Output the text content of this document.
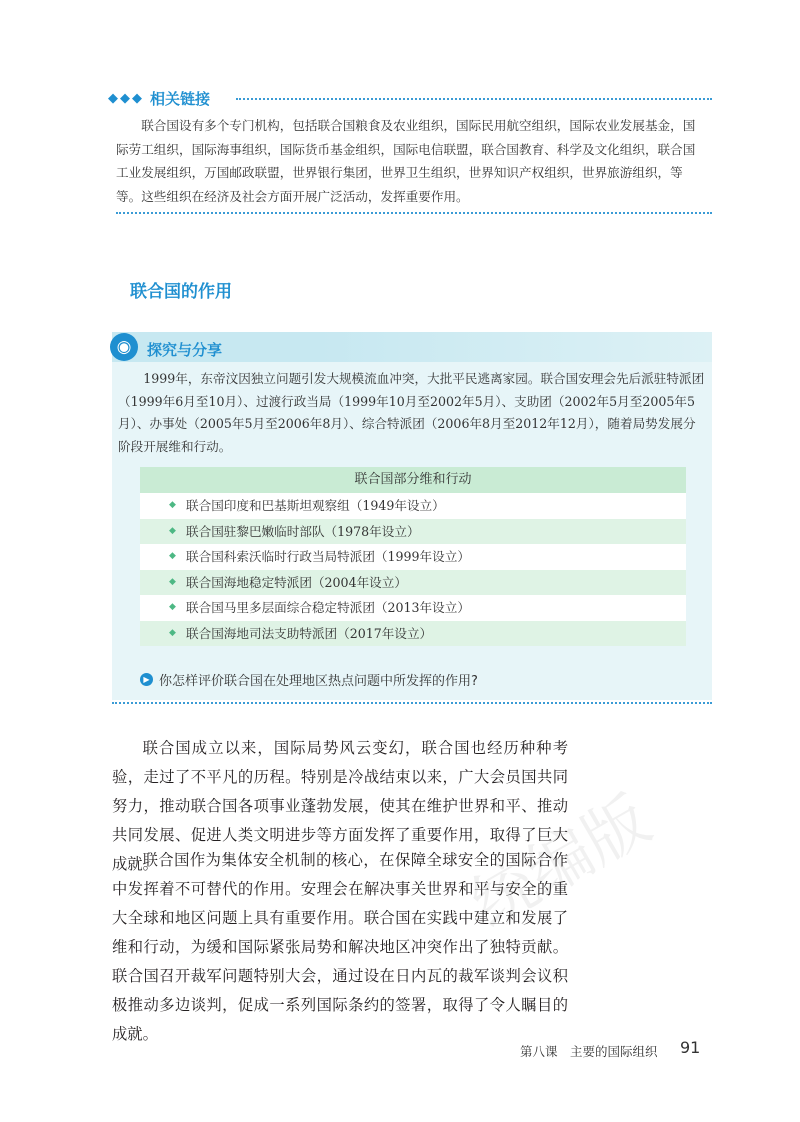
◆◆◆ 相关链接
联合国设有多个专门机构，包括联合国粮食及农业组织，国际民用航空组织，国际农业发展基金，国际劳工组织，国际海事组织，国际货币基金组织，国际电信联盟，联合国教育、科学及文化组织，联合国工业发展组织，万国邮政联盟，世界银行集团，世界卫生组织，世界知识产权组织，世界旅游组织，等等。这些组织在经济及社会方面开展广泛活动，发挥重要作用。
联合国的作用
◉	探究与分享
1999年，东帝汶因独立问题引发大规模流血冲突，大批平民逃离家园。联合国安理会先后派驻特派团（1999年6月至10月）、过渡行政当局（1999年10月至2002年5月）、支助团（2002年5月至2005年5月）、办事处（2005年5月至2006年8月）、综合特派团（2006年8月至2012年12月），随着局势发展分阶段开展维和行动。
联合国部分维和行动
◆ 联合国印度和巴基斯坦观察组（1949年设立）
◆ 联合国驻黎巴嫩临时部队（1978年设立）
◆ 联合国科索沃临时行政当局特派团（1999年设立）
◆ 联合国海地稳定特派团（2004年设立）
◆ 联合国马里多层面综合稳定特派团（2013年设立）
◆ 联合国海地司法支助特派团（2017年设立）
▶ 你怎样评价联合国在处理地区热点问题中所发挥的作用?
统编版
联合国成立以来，国际局势风云变幻，联合国也经历种种考验，走过了不平凡的历程。特别是冷战结束以来，广大会员国共同努力，推动联合国各项事业蓬勃发展，使其在维护世界和平、推动共同发展、促进人类文明进步等方面发挥了重要作用，取得了巨大成就。
联合国作为集体安全机制的核心，在保障全球安全的国际合作中发挥着不可替代的作用。安理会在解决事关世界和平与安全的重大全球和地区问题上具有重要作用。联合国在实践中建立和发展了维和行动，为缓和国际紧张局势和解决地区冲突作出了独特贡献。联合国召开裁军问题特别大会，通过设在日内瓦的裁军谈判会议积极推动多边谈判，促成一系列国际条约的签署，取得了令人瞩目的成就。
第八课　主要的国际组织 91
